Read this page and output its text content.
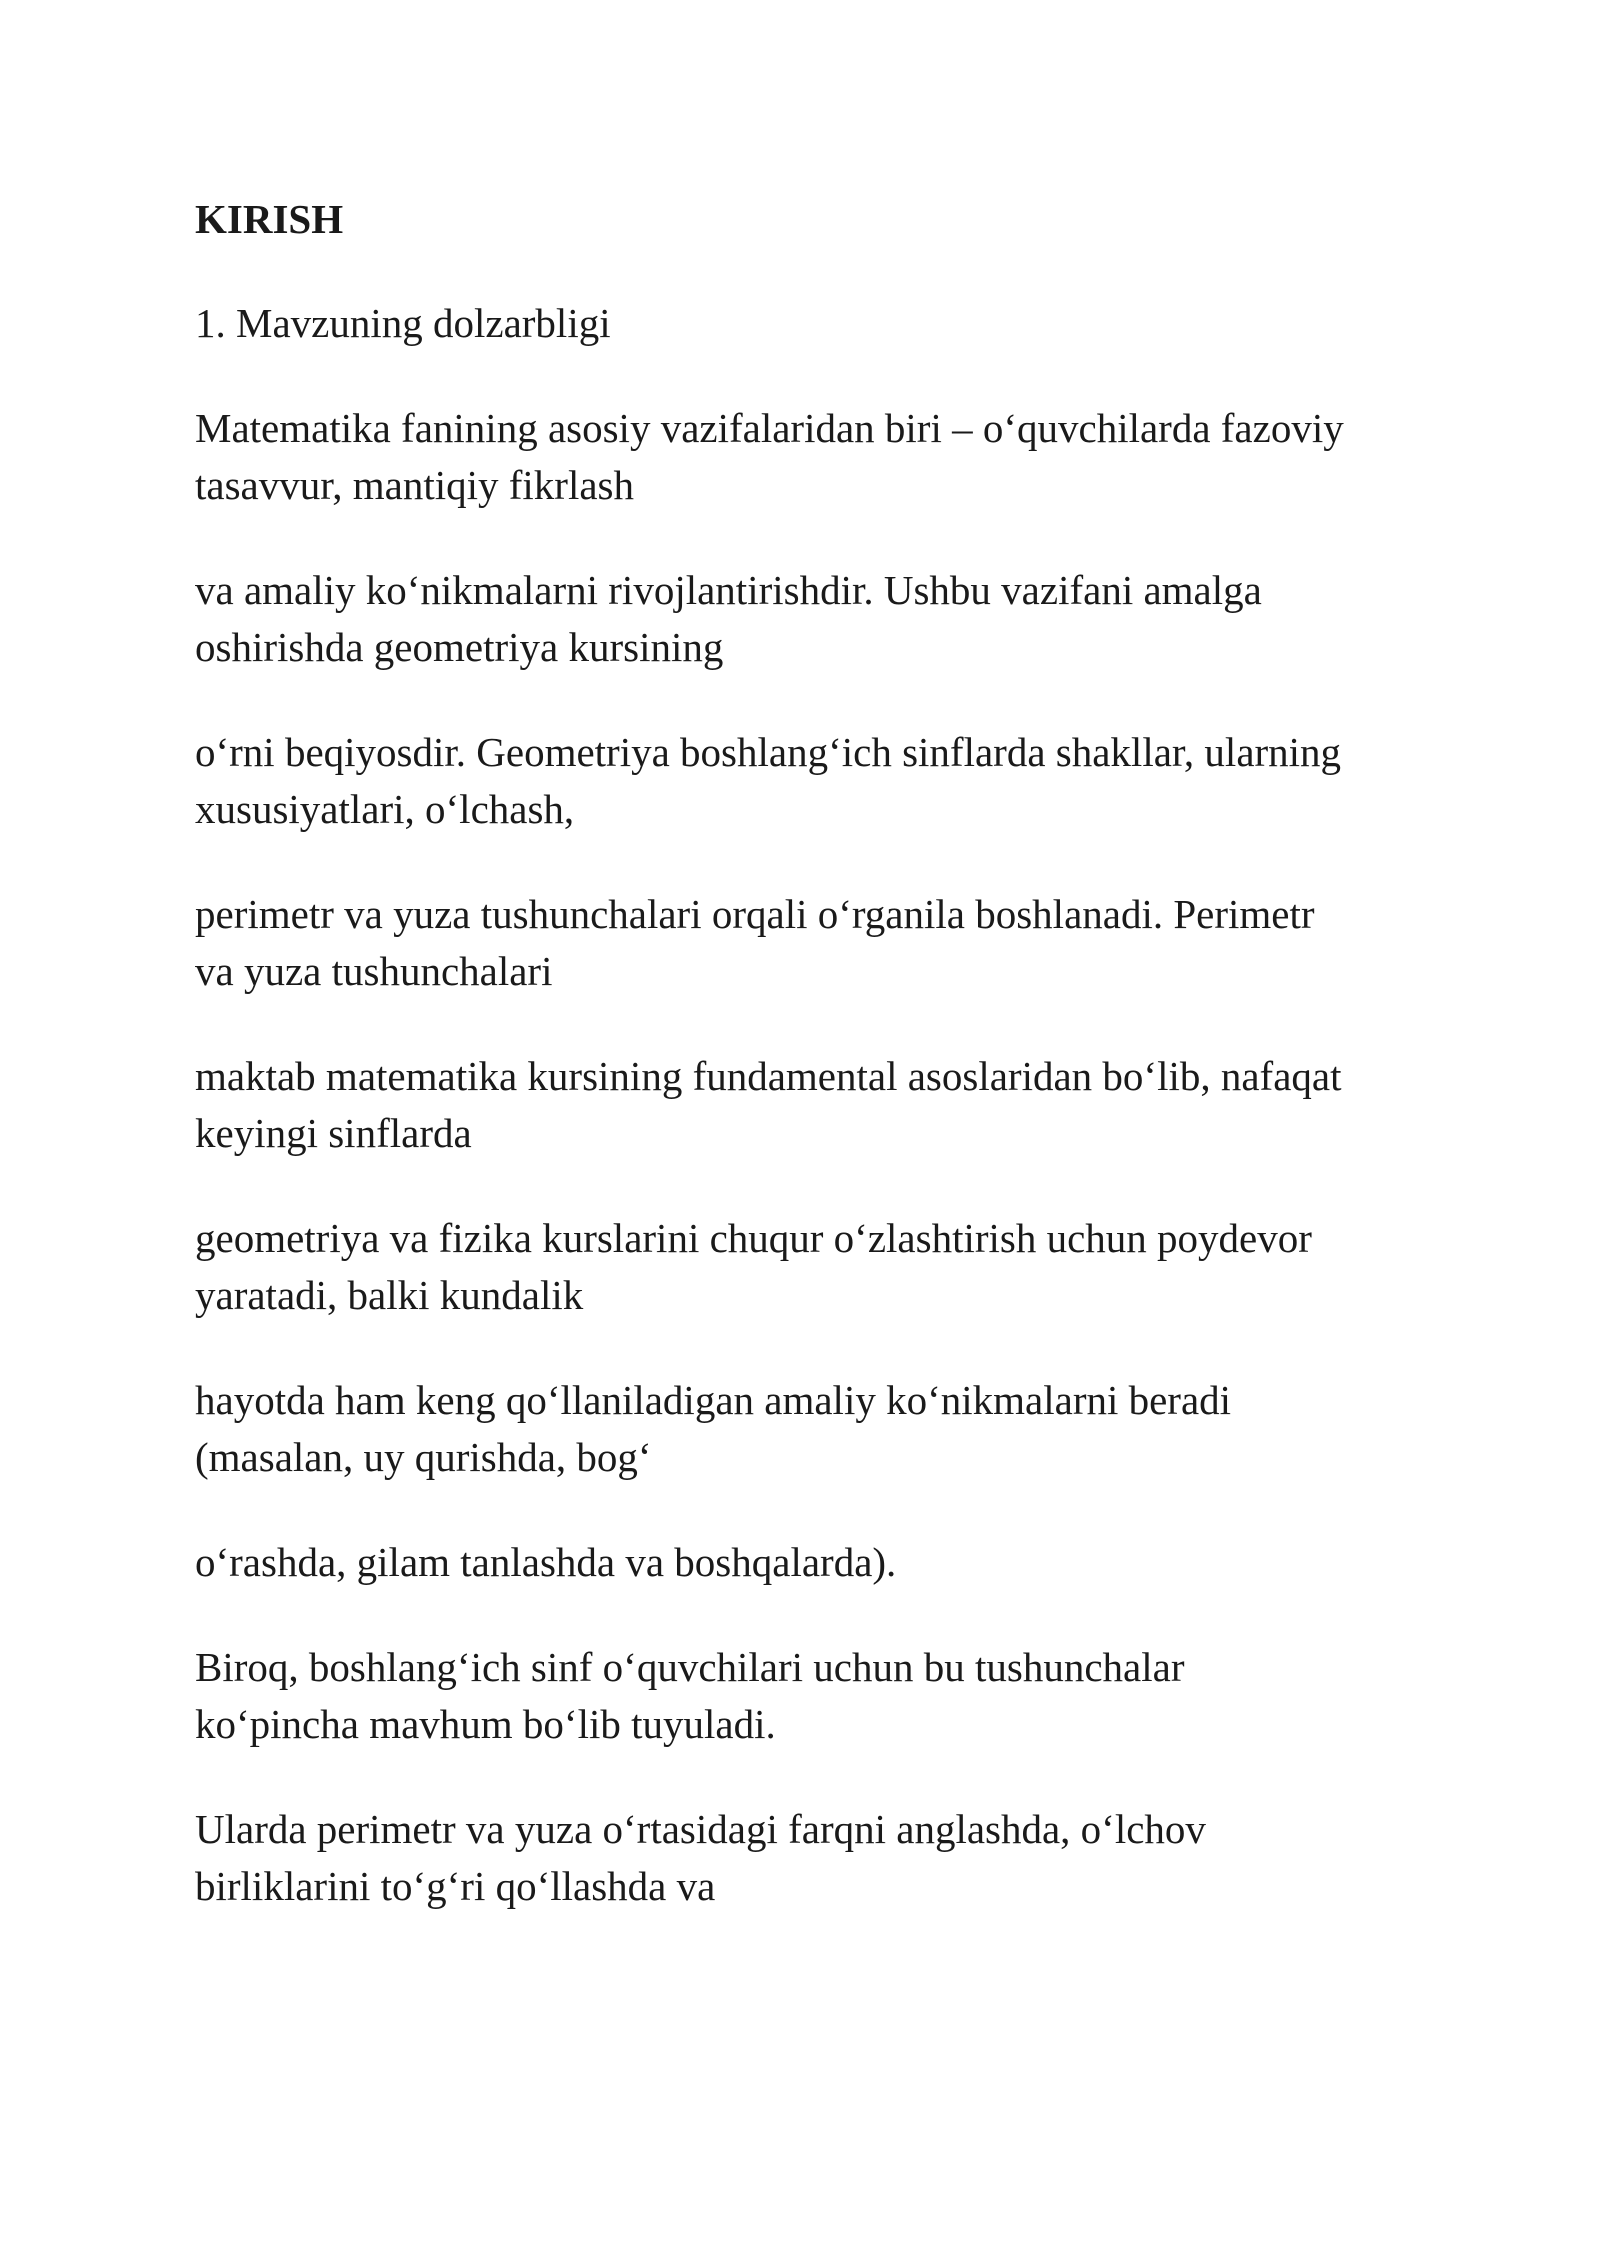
KIRISH
1. Mavzuning dolzarbligi
Matematika fanining asosiy vazifalaridan biri – o‘quvchilarda fazoviy
tasavvur, mantiqiy fikrlash
va amaliy ko‘nikmalarni rivojlantirishdir. Ushbu vazifani amalga
oshirishda geometriya kursining
o‘rni beqiyosdir. Geometriya boshlang‘ich sinflarda shakllar, ularning
xususiyatlari, o‘lchash,
perimetr va yuza tushunchalari orqali o‘rganila boshlanadi. Perimetr
va yuza tushunchalari
maktab matematika kursining fundamental asoslaridan bo‘lib, nafaqat
keyingi sinflarda
geometriya va fizika kurslarini chuqur o‘zlashtirish uchun poydevor
yaratadi, balki kundalik
hayotda ham keng qo‘llaniladigan amaliy ko‘nikmalarni beradi
(masalan, uy qurishda, bog‘
o‘rashda, gilam tanlashda va boshqalarda).
Biroq, boshlang‘ich sinf o‘quvchilari uchun bu tushunchalar
ko‘pincha mavhum bo‘lib tuyuladi.
Ularda perimetr va yuza o‘rtasidagi farqni anglashda, o‘lchov
birliklarini to‘g‘ri qo‘llashda va
